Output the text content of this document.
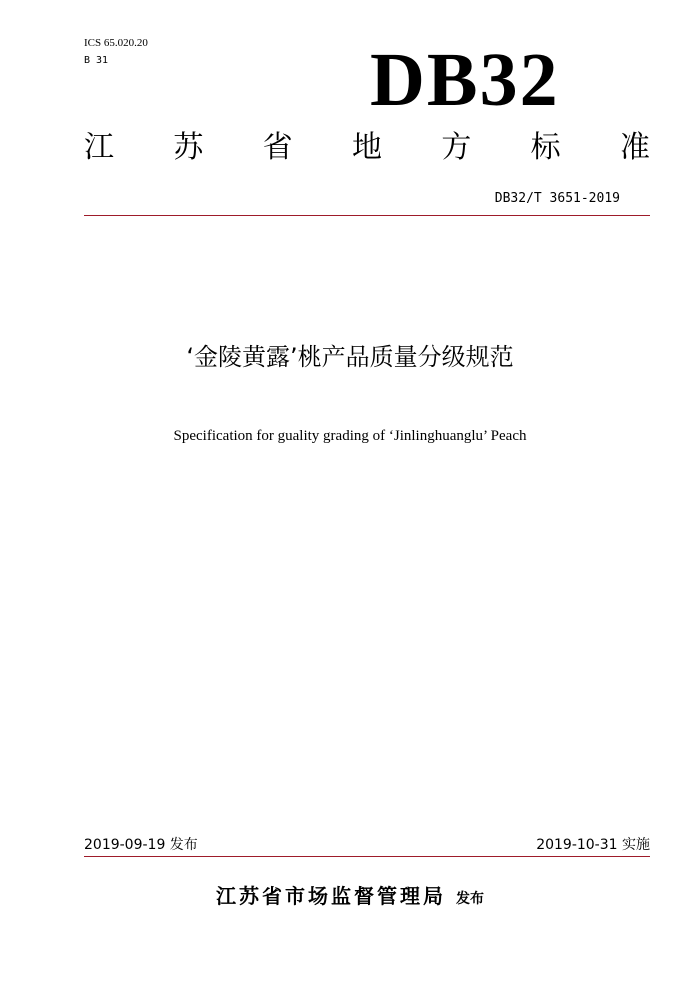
ICS 65.020.20
B 31	DB32
江 苏 省 地 方 标 准
DB32/T 3651-2019
‘金陵黄露’桃产品质量分级规范
Specification for guality grading of ‘Jinlinghuanglu’ Peach
2019-09-19 发布	2019-10-31 实施
江苏省市场监督管理局 发布
